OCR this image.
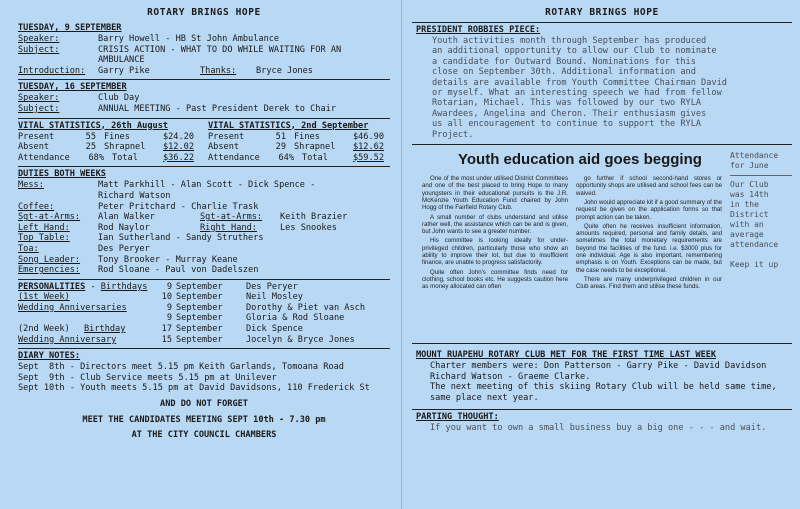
ROTARY BRINGS HOPE
TUESDAY, 9 SEPTEMBER
Speaker:	Barry Howell - HB St John Ambulance
Subject:	CRISIS ACTION - WHAT TO DO WHILE WAITING FOR AN
AMBULANCE
Introduction:	Garry Pike	Thanks:	Bryce Jones
TUESDAY, 16 SEPTEMBER
Speaker:	Club Day
Subject:	ANNUAL MEETING - Past President Derek to Chair
VITAL STATISTICS, 26th August
Present	55 Fines	$24.20
Absent	25 Shrapnel	$12.02
Attendance	68% Total	$36.22
VITAL STATISTICS, 2nd September
Present	51 Fines	$46.90
Absent	29 Shrapnel	$12.62
Attendance	64% Total	$59.52
DUTIES BOTH WEEKS
Mess:	Matt Parkhill - Alan Scott - Dick Spence -
Richard Watson
Coffee:	Peter Pritchard - Charlie Trask
Sgt-at-Arms:	Alan Walker	Sgt-at-Arms:	Keith Brazier
Left Hand:	Rod Naylor	Right Hand:	Les Snookes
Top Table:	Ian Sutherland - Sandy Struthers
Toa:	Des Peryer
Song Leader:	Tony Brooker - Murray Keane
Emergencies:	Rod Sloane - Paul von Dadelszen
PERSONALITIES - Birthdays	9 September	Des Peryer
(1st Week)	10 September	Neil Mosley
Wedding Anniversaries	9 September	Dorothy & Piet van Asch
9 September	Gloria & Rod Sloane
(2nd Week) Birthday	17 September	Dick Spence
Wedding Anniversary	15 September	Jocelyn & Bryce Jones
DIARY NOTES:
Sept  8th - Directors meet 5.15 pm Keith Garlands, Tomoana Road
Sept  9th - Club Service meets 5.15 pm at Unilever
Sept 10th - Youth meets 5.15 pm at David Davidsons, 110 Frederick St
AND DO NOT FORGET
MEET THE CANDIDATES MEETING SEPT 10th - 7.30 pm
AT THE CITY COUNCIL CHAMBERS
ROTARY BRINGS HOPE
PRESIDENT ROBBIES PIECE:
Youth activities month through September has produced
an additional opportunity to allow our Club to nominate
a candidate for Outward Bound. Nominations for this
close on September 30th. Additional information and
details are available from Youth Committee Chairman David
or myself. What an interesting speech we had from fellow
Rotarian, Michael. This was followed by our two RYLA
Awardees, Angelina and Cheron. Their enthusiasm gives
us all encouragement to continue to support the RYLA
Project.
Youth education aid goes begging

One of the most under utilised District Committees and one of the best placed to bring Hope to many youngsters in their educational pursuits is the J.R. McKenzie Youth Education Fund chaired by John Hogg of the Fairfield Rotary Club.

A small number of clubs understand and utilise rather well, the assistance which can be and is given, but John wants to see a greater number.

His committee is looking ideally for under-privileged children, particularly those who show an ability to improve their lot, but due to insufficient finance, are unable to progress satisfactorily.

Quite often John's committee finds need for clothing, school books etc. He suggests caution here as money allocated can often

go further if school second-hand stores or opportunity shops are utilised and school fees can be waived.

John would appreciate kit if a good summary of the request be given on the application forms so that prompt action can be taken.

Quite often he receives insufficient information, amounts required, personal and family details, and sometimes the total monetary requirements are beyond the facilities of the fund. i.e. $3000 plus for one individual. Age is also important, remembering emphasis is on Youth. Exceptions can be made, but the case needs to be exceptional.

There are many underprivileged children in our Club areas. Find them and utilise these funds.

Attendance
for June
Our Club
was 14th
in the
District
with an
average
attendance
Keep it up
MOUNT RUAPEHU ROTARY CLUB MET FOR THE FIRST TIME LAST WEEK
Charter members were: Don Patterson - Garry Pike - David Davidson
Richard Watson - Graeme Clarke.
The next meeting of this skiing Rotary Club will be held same time,
same place next year.
PARTING THOUGHT:
If you want to own a small business buy a big one - - - and wait.
